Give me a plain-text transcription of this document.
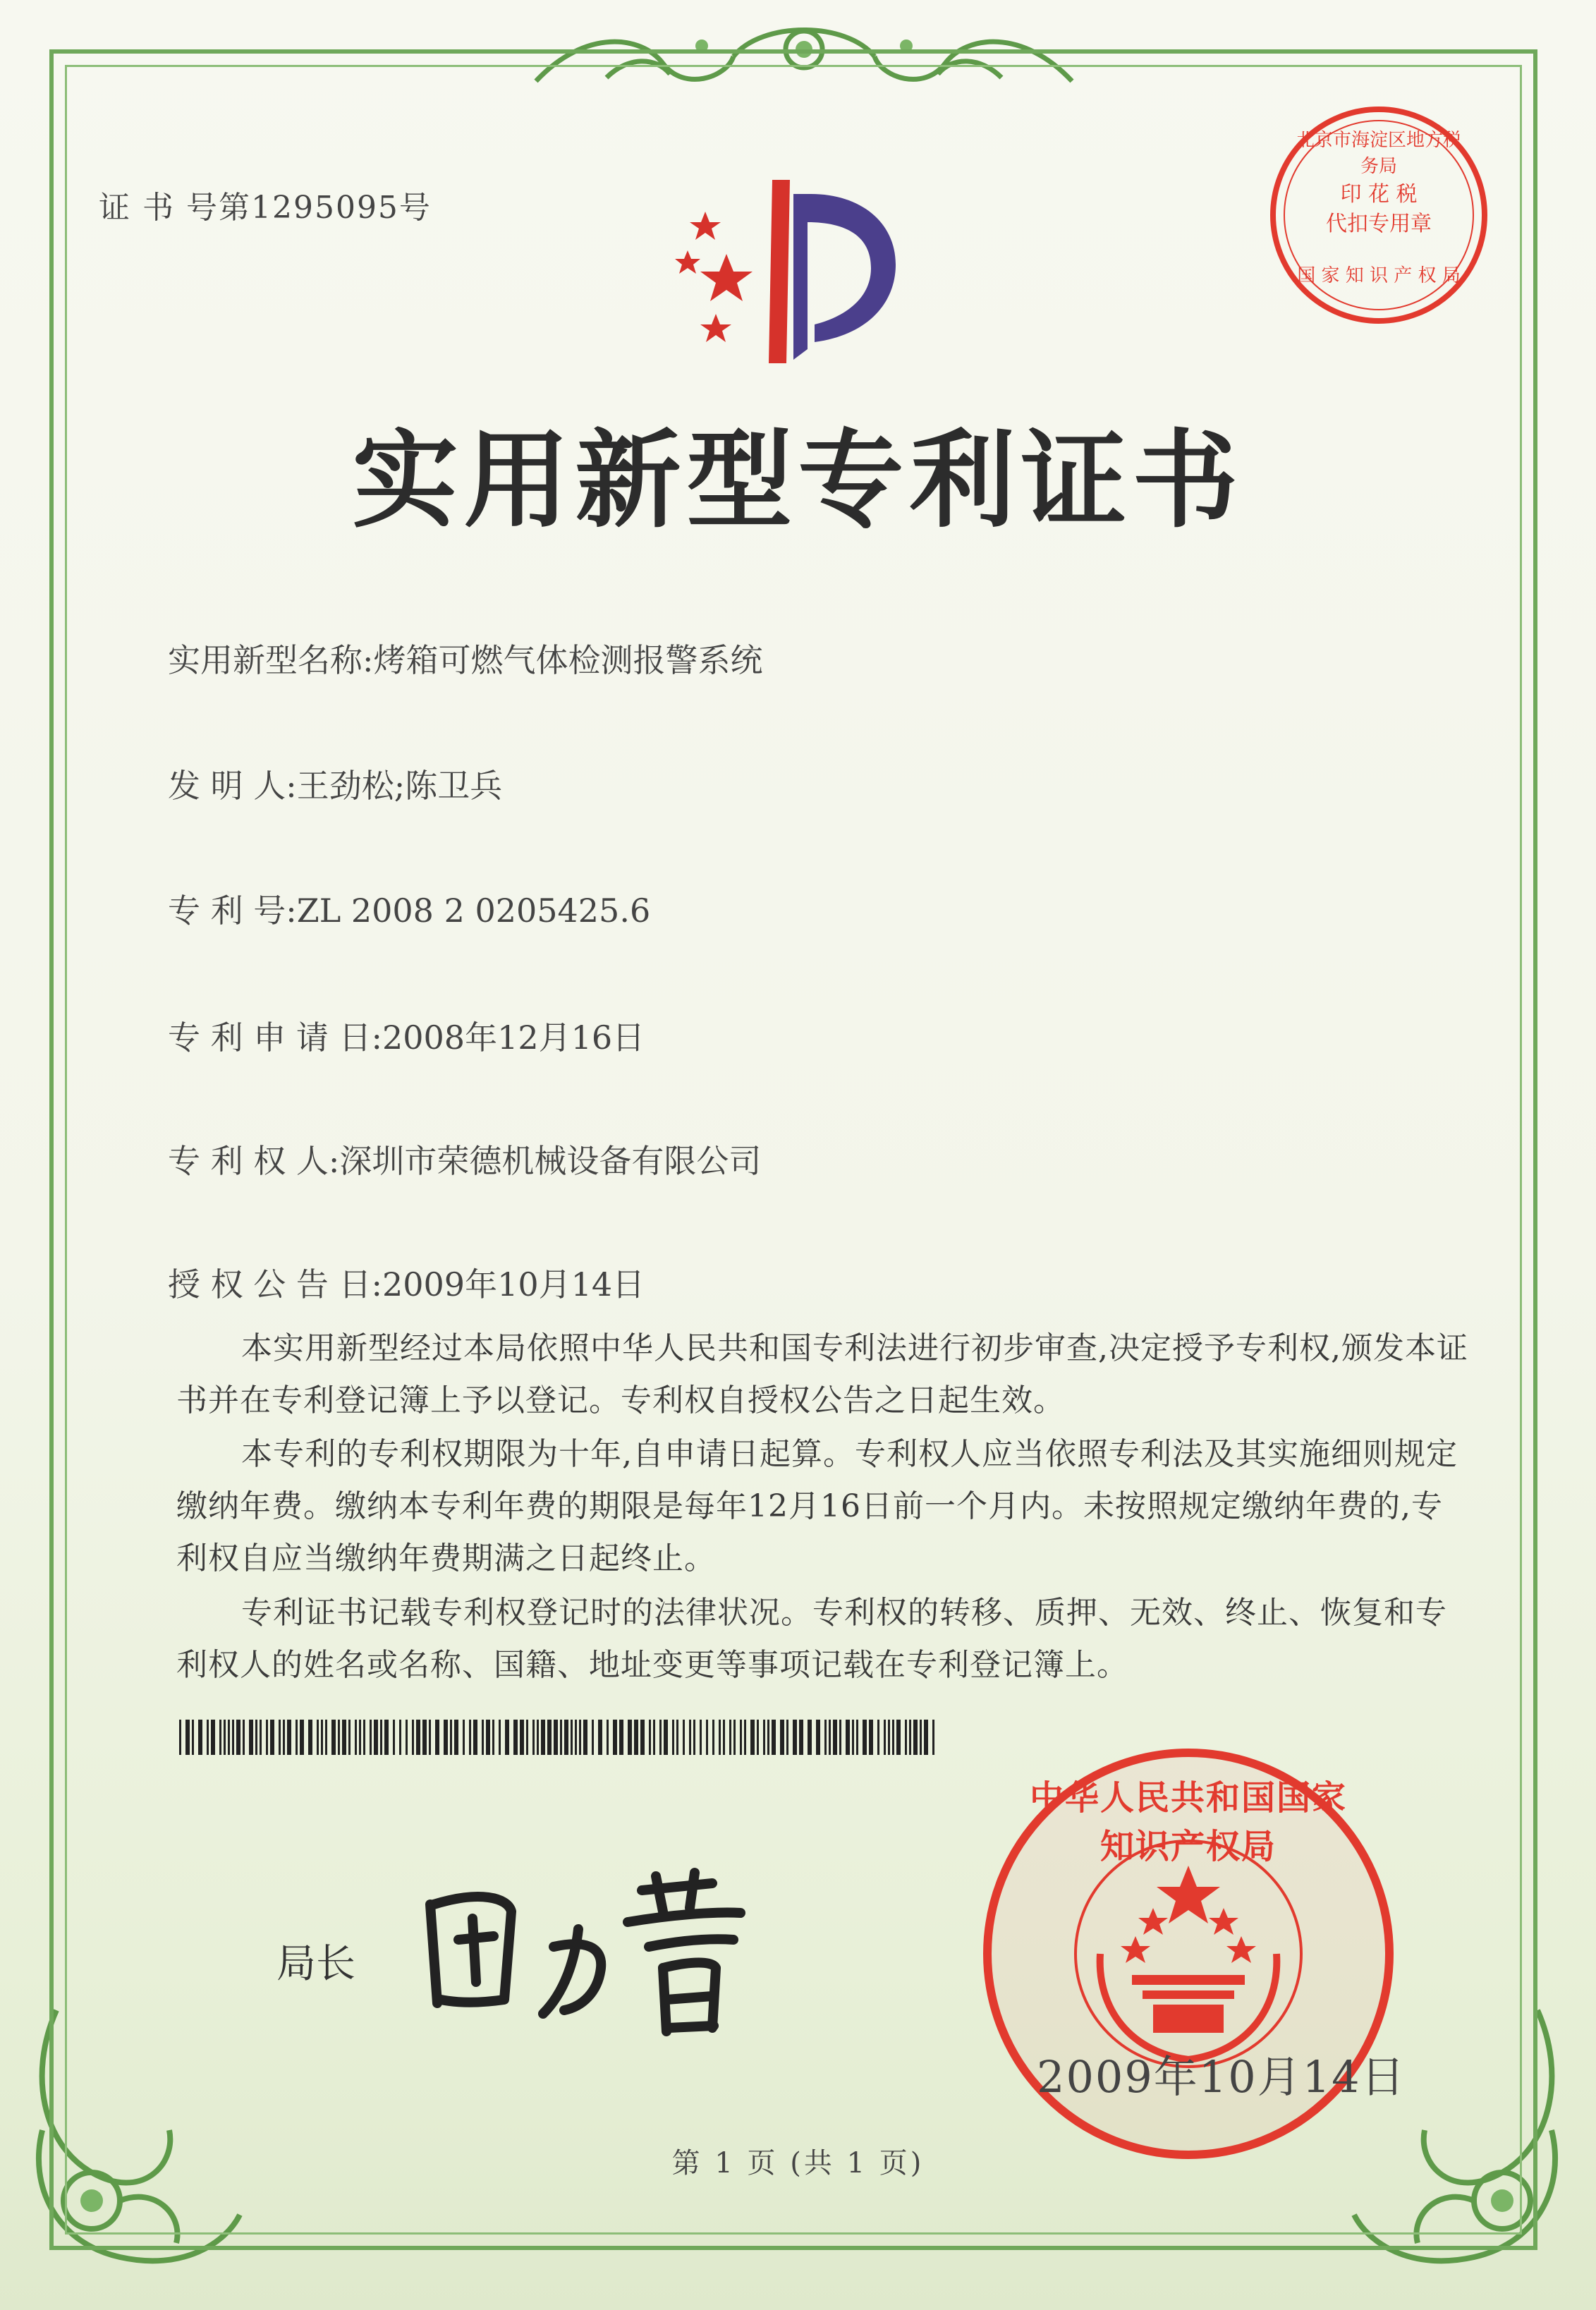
证 书 号第1295095号
北京市海淀区地方税务局
印 花 税
代扣专用章
国 家 知 识 产 权 局
实用新型专利证书
实用新型名称:烤箱可燃气体检测报警系统
发 明 人:王劲松;陈卫兵
专 利 号:ZL 2008 2 0205425.6
专 利 申 请 日:2008年12月16日
专 利 权 人:深圳市荣德机械设备有限公司
授 权 公 告 日:2009年10月14日
本实用新型经过本局依照中华人民共和国专利法进行初步审查,决定授予专利权,颁发本证书并在专利登记簿上予以登记。专利权自授权公告之日起生效。
本专利的专利权期限为十年,自申请日起算。专利权人应当依照专利法及其实施细则规定缴纳年费。缴纳本专利年费的期限是每年12月16日前一个月内。未按照规定缴纳年费的,专利权自应当缴纳年费期满之日起终止。
专利证书记载专利权登记时的法律状况。专利权的转移、质押、无效、终止、恢复和专利权人的姓名或名称、国籍、地址变更等事项记载在专利登记簿上。
局长
中华人民共和国国家知识产权局
2009年10月14日
第 1 页 (共 1 页)
